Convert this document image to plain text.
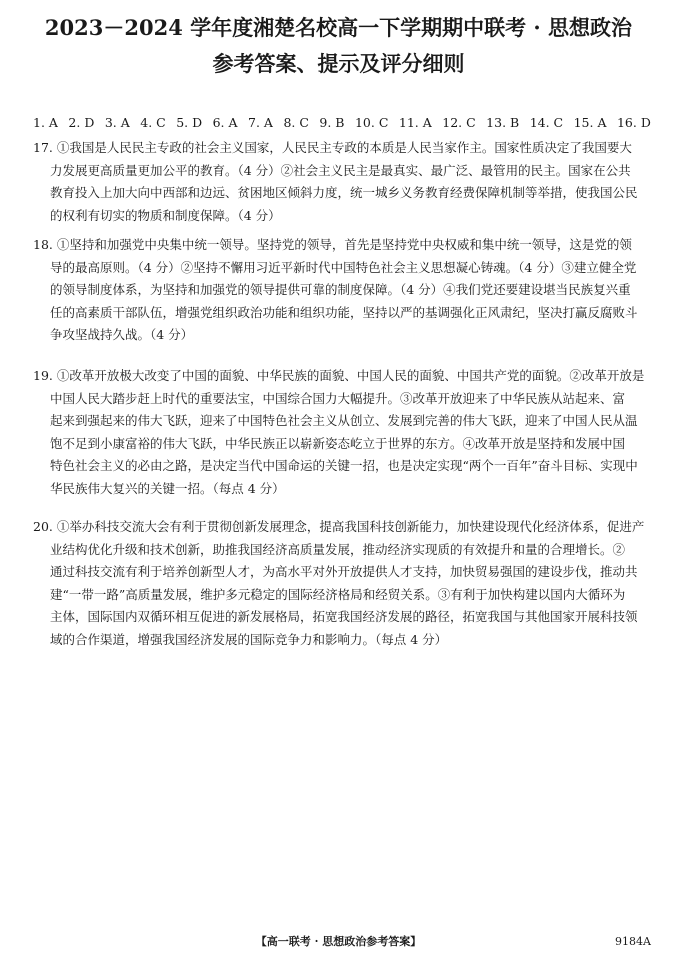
2023－2024 学年度湘楚名校高一下学期期中联考 · 思想政治
参考答案、提示及评分细则
1. A 2. D 3. A 4. C 5. D 6. A 7. A 8. C 9. B 10. C 11. A 12. C 13. B 14. C 15. A 16. D
17. ①我国是人民民主专政的社会主义国家，人民民主专政的本质是人民当家作主。国家性质决定了我国要大
力发展更高质量更加公平的教育。（4 分）②社会主义民主是最真实、最广泛、最管用的民主。国家在公共
教育投入上加大向中西部和边远、贫困地区倾斜力度，统一城乡义务教育经费保障机制等举措，使我国公民
的权利有切实的物质和制度保障。（4 分）
18. ①坚持和加强党中央集中统一领导。坚持党的领导，首先是坚持党中央权威和集中统一领导，这是党的领
导的最高原则。（4 分）②坚持不懈用习近平新时代中国特色社会主义思想凝心铸魂。（4 分）③建立健全党
的领导制度体系，为坚持和加强党的领导提供可靠的制度保障。（4 分）④我们党还要建设堪当民族复兴重
任的高素质干部队伍，增强党组织政治功能和组织功能，坚持以严的基调强化正风肃纪，坚决打赢反腐败斗
争攻坚战持久战。（4 分）
19. ①改革开放极大改变了中国的面貌、中华民族的面貌、中国人民的面貌、中国共产党的面貌。②改革开放是
中国人民大踏步赶上时代的重要法宝，中国综合国力大幅提升。③改革开放迎来了中华民族从站起来、富
起来到强起来的伟大飞跃，迎来了中国特色社会主义从创立、发展到完善的伟大飞跃，迎来了中国人民从温
饱不足到小康富裕的伟大飞跃，中华民族正以崭新姿态屹立于世界的东方。④改革开放是坚持和发展中国
特色社会主义的必由之路，是决定当代中国命运的关键一招，也是决定实现“两个一百年”奋斗目标、实现中
华民族伟大复兴的关键一招。（每点 4 分）
20. ①举办科技交流大会有利于贯彻创新发展理念，提高我国科技创新能力，加快建设现代化经济体系，促进产
业结构优化升级和技术创新，助推我国经济高质量发展，推动经济实现质的有效提升和量的合理增长。②
通过科技交流有利于培养创新型人才，为高水平对外开放提供人才支持，加快贸易强国的建设步伐，推动共
建“一带一路”高质量发展，维护多元稳定的国际经济格局和经贸关系。③有利于加快构建以国内大循环为
主体，国际国内双循环相互促进的新发展格局，拓宽我国经济发展的路径，拓宽我国与其他国家开展科技领
域的合作渠道，增强我国经济发展的国际竞争力和影响力。（每点 4 分）
【高一联考 · 思想政治参考答案】	9184A
